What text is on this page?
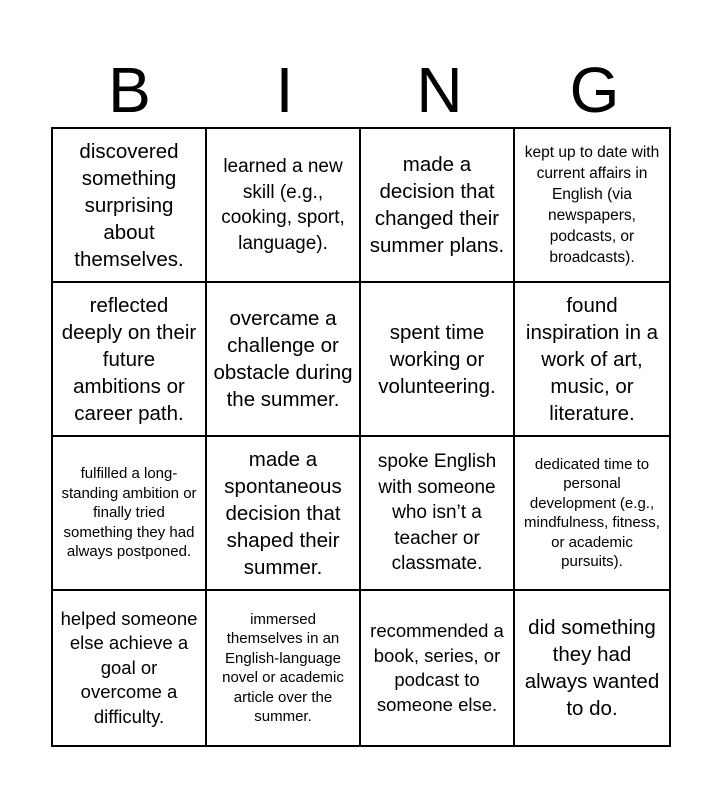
B	I	N	G
discovered something surprising about themselves.
learned a new skill (e.g., cooking, sport, language).
made a decision that changed their summer plans.
kept up to date with current affairs in English (via newspapers, podcasts, or broadcasts).
reflected deeply on their future ambitions or career path.
overcame a challenge or obstacle during the summer.
spent time working or volunteering.
found inspiration in a work of art, music, or literature.
fulfilled a long-standing ambition or finally tried something they had always postponed.
made a spontaneous decision that shaped their summer.
spoke English with someone who isn’t a teacher or classmate.
dedicated time to personal development (e.g., mindfulness, fitness, or academic pursuits).
helped someone else achieve a goal or overcome a difficulty.
immersed themselves in an English-language novel or academic article over the summer.
recommended a book, series, or podcast to someone else.
did something they had always wanted to do.
